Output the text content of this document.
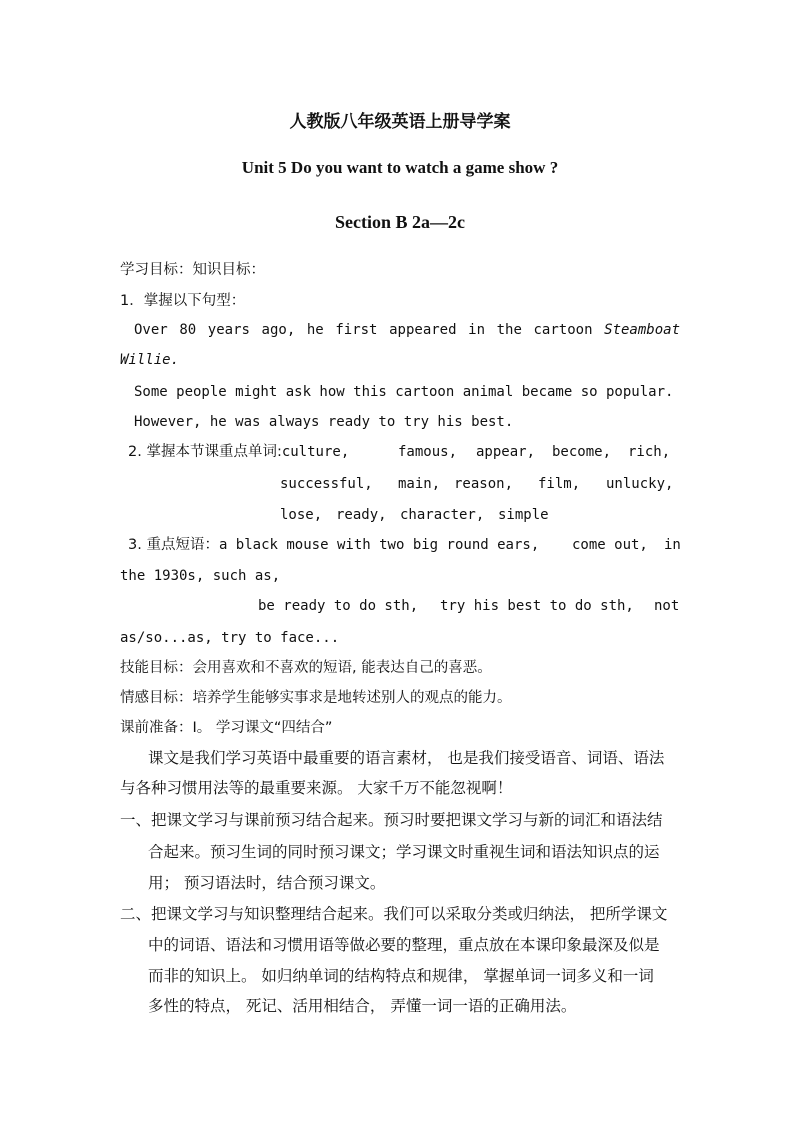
人教版八年级英语上册导学案
Unit 5 Do you want to watch a game show ?
Section B 2a—2c
学习目标：知识目标：
1．掌握以下句型：
Over 80 years ago, he first appeared in the cartoon Steamboat
Willie.
Some people might ask how this cartoon animal became so popular.
However, he was always ready to try his best.
2. 掌握本节课重点单词:culture,	famous, appear, become, rich,
successful, main, reason, film, unlucky,
lose, ready, character, simple
3. 重点短语：a black mouse with two big round ears, come out, in
the 1930s, such as,
be ready to do sth, try his best to do sth, not
as/so...as, try to face...
技能目标：会用喜欢和不喜欢的短语, 能表达自己的喜恶。
情感目标：培养学生能够实事求是地转述别人的观点的能力。
课前准备：I。 学习课文“四结合”
课文是我们学习英语中最重要的语言素材， 也是我们接受语音、词语、语法
与各种习惯用法等的最重要来源。 大家千万不能忽视啊！
一、把课文学习与课前预习结合起来。预习时要把课文学习与新的词汇和语法结
合起来。预习生词的同时预习课文；学习课文时重视生词和语法知识点的运
用； 预习语法时，结合预习课文。
二、把课文学习与知识整理结合起来。我们可以采取分类或归纳法， 把所学课文
中的词语、语法和习惯用语等做必要的整理，重点放在本课印象最深及似是
而非的知识上。 如归纳单词的结构特点和规律， 掌握单词一词多义和一词
多性的特点， 死记、活用相结合， 弄懂一词一语的正确用法。
